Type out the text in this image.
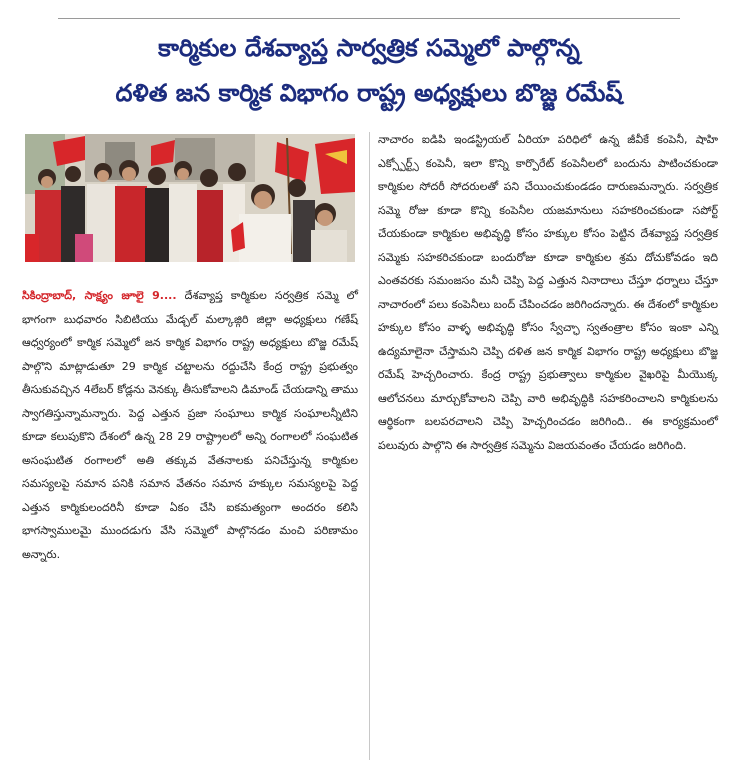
కార్మికుల దేశవ్యాప్త సార్వత్రిక సమ్మెలో పాల్గొన్న
దళిత జన కార్మిక విభాగం రాష్ట్ర అధ్యక్షులు బొజ్జ రమేష్
సికింద్రాబాద్, సాక్ష్యం జూలై 9.... దేశవ్యాప్త కార్మికుల సర్వత్రిక సమ్మె లో భాగంగా బుధవారం సిబిటియు మేడ్చల్ మల్కాజ్గిరి జిల్లా అధ్యక్షులు గణేష్ ఆధ్వర్యంలో కార్మిక సమ్మెలో జన కార్మిక విభాగం రాష్ట్ర అధ్యక్షులు బొజ్జ రమేష్ పాల్గొని మాట్లాడుతూ 29 కార్మిక చట్టాలను రద్దుచేసి కేంద్ర రాష్ట్ర ప్రభుత్వం తీసుకువచ్చిన 4లేబర్ కోడ్లను వెనక్కు తీసుకోవాలని డిమాండ్ చేయడాన్ని తాము స్వాగతిస్తున్నామన్నారు. పెద్ద ఎత్తున ప్రజా సంఘాలు కార్మిక సంఘాలన్నీటిని కూడా కలుపుకొని దేశంలో ఉన్న 28 29 రాష్ట్రాలలో అన్ని రంగాలలో సంఘటిత అసంఘటిత రంగాలలో అతి తక్కువ వేతనాలకు పనిచేస్తున్న కార్మికుల సమస్యలపై సమాన పనికి సమాన వేతనం సమాన హక్కుల సమస్యలపై పెద్ద ఎత్తున కార్మికులందరినీ కూడా ఏకం చేసి ఐకమత్యంగా అందరం కలిసి భాగస్వాములమై ముందడుగు వేసి సమ్మెలో పాల్గొనడం మంచి పరిణామం అన్నారు.
నాచారం ఐడిపి ఇండస్ట్రియల్ ఏరియా పరిధిలో ఉన్న జీవీకే కంపెనీ, షాహి ఎక్స్పోర్ట్స్ కంపెనీ, ఇలా కొన్ని కార్పొరేట్ కంపెనీలలో బందును పాటించకుండా కార్మికుల సోదరీ సోదరులతో పని చేయించుకుండడం దారుణమన్నారు. సర్వత్రిక సమ్మె రోజు కూడా కొన్ని కంపెనీల యజమానులు సహకరించకుండా సపోర్ట్ చేయకుండా కార్మికుల అభివృద్ధి కోసం హక్కుల కోసం పెట్టిన దేశవ్యాప్త సర్వత్రిక సమ్మెకు సహకరిచకుండా బందురోజు కూడా కార్మికుల శ్రమ దోచుకోవడం ఇది ఎంతవరకు సమంజసం మనీ చెప్పి పెద్ద ఎత్తున నినాదాలు చేస్తూ ధర్నాలు చేస్తూ నాచారంలో పలు కంపెనీలు బంద్ చేపించడం జరిగిందన్నారు. ఈ దేశంలో కార్మికుల హక్కుల కోసం వాళ్ళ అభివృద్ధి కోసం స్వేచ్ఛా స్వతంత్రాల కోసం ఇంకా ఎన్ని ఉద్యమాలైనా చేస్తామని చెప్పి దళిత జన కార్మిక విభాగం రాష్ట్ర అధ్యక్షులు బొజ్జ రమేష్ హెచ్చరించారు. కేంద్ర రాష్ట్ర ప్రభుత్వాలు కార్మికుల వైఖరిపై మీయొక్క ఆలోచనలు మార్చుకోవాలని చెప్పి వారి అభివృద్ధికి సహకరించాలని కార్మికులను ఆర్థికంగా బలపరచాలని చెప్పి హెచ్చరించడం జరిగింది.. ఈ కార్యక్రమంలో పలువురు పాల్గొని ఈ సార్వత్రిక సమ్మెను విజయవంతం చేయడం జరిగింది.
